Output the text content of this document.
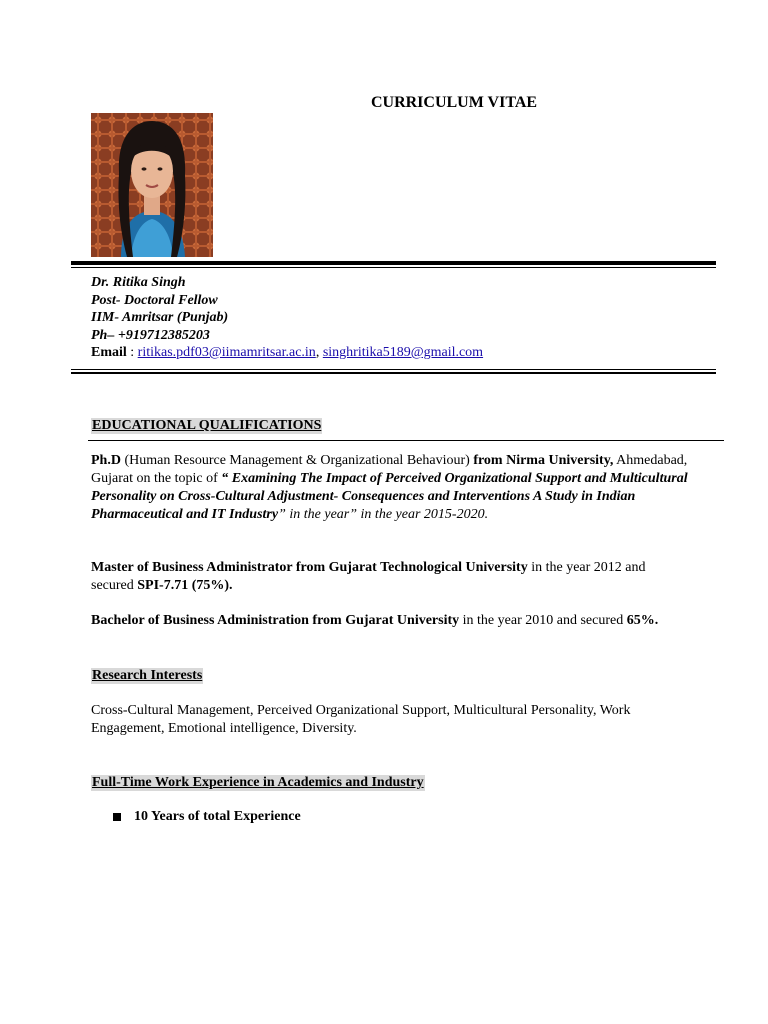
CURRICULUM VITAE
Dr. Ritika Singh
Post- Doctoral Fellow
IIM- Amritsar (Punjab)
Ph– +919712385203
Email : ritikas.pdf03@iimamritsar.ac.in, singhritika5189@gmail.com
EDUCATIONAL QUALIFICATIONS
Ph.D (Human Resource Management & Organizational Behaviour) from Nirma University, Ahmedabad, Gujarat on the topic of “ Examining The Impact of Perceived Organizational Support and Multicultural Personality on Cross-Cultural Adjustment- Consequences and Interventions A Study in Indian Pharmaceutical and IT Industry” in the year” in the year 2015-2020.
Master of Business Administrator from Gujarat Technological University in the year 2012 and secured SPI-7.71 (75%).
Bachelor of Business Administration from Gujarat University in the year 2010 and secured 65%.
Research Interests
Cross-Cultural Management, Perceived Organizational Support, Multicultural Personality, Work Engagement, Emotional intelligence, Diversity.
Full-Time Work Experience in Academics and Industry
10 Years of total Experience
